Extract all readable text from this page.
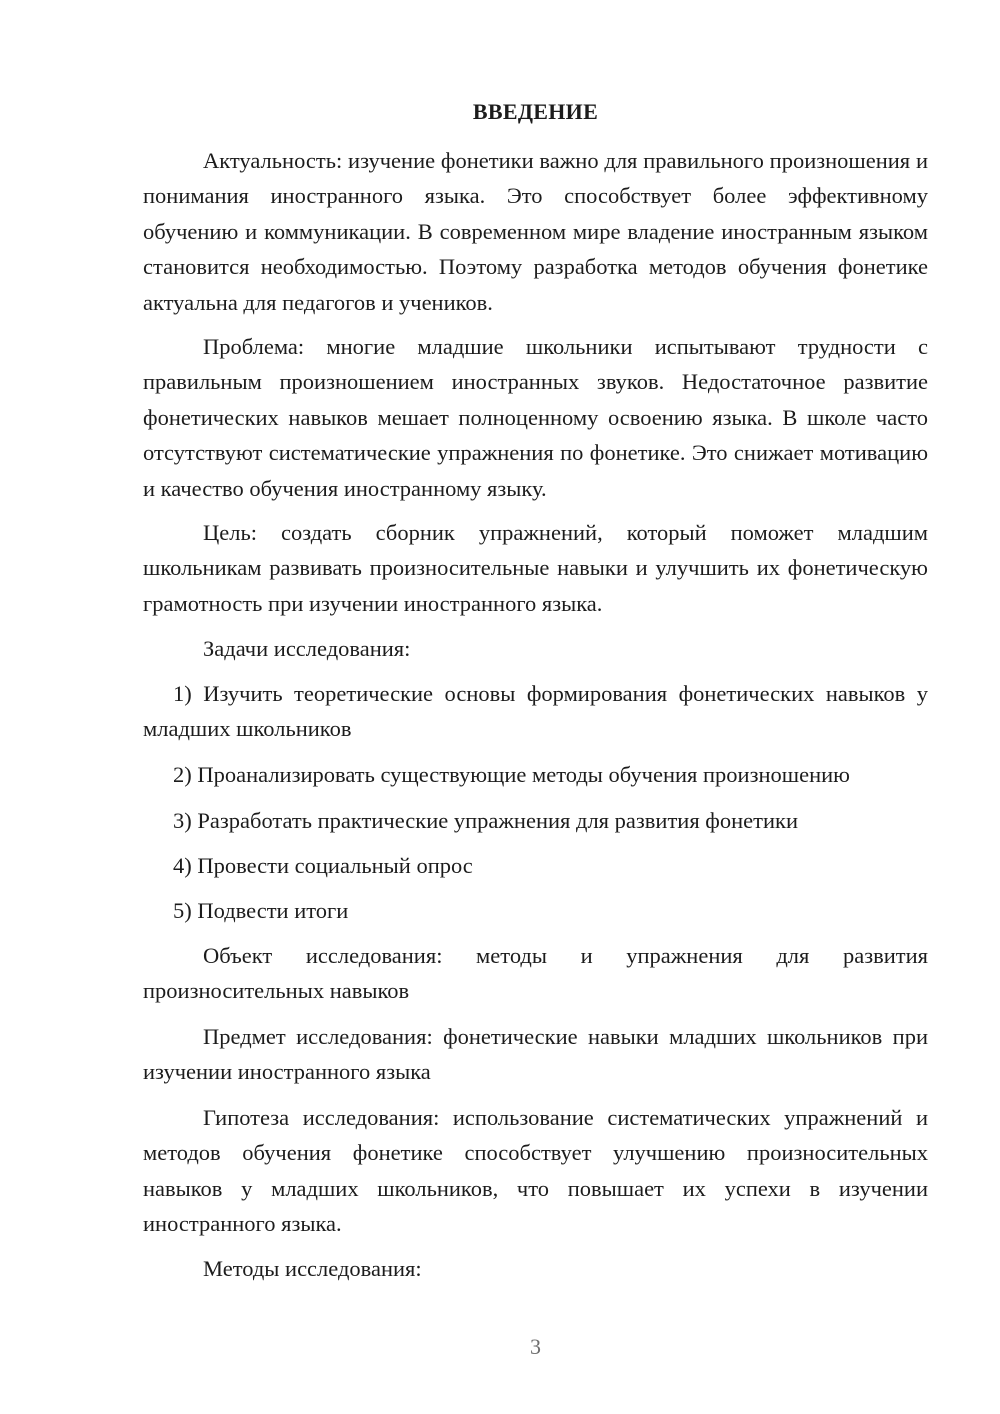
ВВЕДЕНИЕ

Актуальность: изучение фонетики важно для правильного произношения и понимания иностранного языка. Это способствует более эффективному обучению и коммуникации. В современном мире владение иностранным языком становится необходимостью. Поэтому разработка методов обучения фонетике актуальна для педагогов и учеников.

Проблема: многие младшие школьники испытывают трудности с правильным произношением иностранных звуков. Недостаточное развитие фонетических навыков мешает полноценному освоению языка. В школе часто отсутствуют систематические упражнения по фонетике. Это снижает мотивацию и качество обучения иностранному языку.

Цель: создать сборник упражнений, который поможет младшим школьникам развивать произносительные навыки и улучшить их фонетическую грамотность при изучении иностранного языка.

Задачи исследования:

1) Изучить теоретические основы формирования фонетических навыков у младших школьников

2) Проанализировать существующие методы обучения произношению

3) Разработать практические упражнения для развития фонетики

4) Провести социальный опрос

5) Подвести итоги

Объект исследования: методы и упражнения для развития произносительных навыков

Предмет исследования: фонетические навыки младших школьников при изучении иностранного языка

Гипотеза исследования: использование систематических упражнений и методов обучения фонетике способствует улучшению произносительных навыков у младших школьников, что повышает их успехи в изучении иностранного языка.

Методы исследования:

3
